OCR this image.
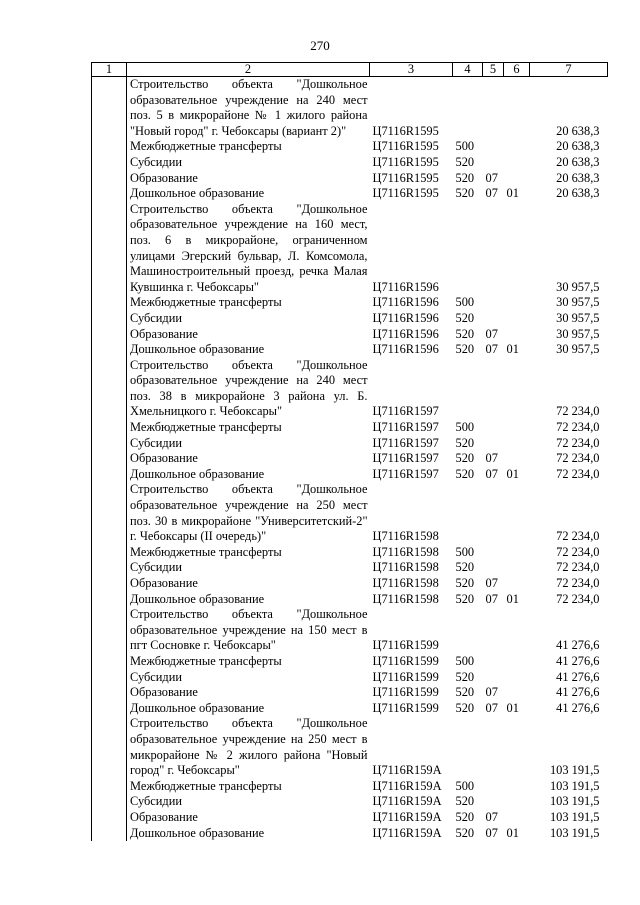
270
1	2	3	4	5	6	7
	Строительство объекта "Дошкольное образовательное учреждение на 240 мест поз. 5 в микрорайоне № 1 жилого района "Новый город" г. Чебоксары (вариант 2)"	Ц7116R1595				20 638,3
	Межбюджетные трансферты	Ц7116R1595	500			20 638,3
	Субсидии	Ц7116R1595	520			20 638,3
	Образование	Ц7116R1595	520	07		20 638,3
	Дошкольное образование	Ц7116R1595	520	07	01	20 638,3
	Строительство объекта "Дошкольное образовательное учреждение на 160 мест, поз. 6 в микрорайоне, ограниченном улицами Эгерский бульвар, Л. Комсомола, Машиностроительный проезд, речка Малая Кувшинка г. Чебоксары"	Ц7116R1596				30 957,5
	Межбюджетные трансферты	Ц7116R1596	500			30 957,5
	Субсидии	Ц7116R1596	520			30 957,5
	Образование	Ц7116R1596	520	07		30 957,5
	Дошкольное образование	Ц7116R1596	520	07	01	30 957,5
	Строительство объекта "Дошкольное образовательное учреждение на 240 мест поз. 38 в микрорайоне 3 района ул. Б. Хмельницкого г. Чебоксары"	Ц7116R1597				72 234,0
	Межбюджетные трансферты	Ц7116R1597	500			72 234,0
	Субсидии	Ц7116R1597	520			72 234,0
	Образование	Ц7116R1597	520	07		72 234,0
	Дошкольное образование	Ц7116R1597	520	07	01	72 234,0
	Строительство объекта "Дошкольное образовательное учреждение на 250 мест поз. 30 в микрорайоне "Университетский-2" г. Чебоксары (II очередь)"	Ц7116R1598				72 234,0
	Межбюджетные трансферты	Ц7116R1598	500			72 234,0
	Субсидии	Ц7116R1598	520			72 234,0
	Образование	Ц7116R1598	520	07		72 234,0
	Дошкольное образование	Ц7116R1598	520	07	01	72 234,0
	Строительство объекта "Дошкольное образовательное учреждение на 150 мест в пгт Сосновке г. Чебоксары"	Ц7116R1599				41 276,6
	Межбюджетные трансферты	Ц7116R1599	500			41 276,6
	Субсидии	Ц7116R1599	520			41 276,6
	Образование	Ц7116R1599	520	07		41 276,6
	Дошкольное образование	Ц7116R1599	520	07	01	41 276,6
	Строительство объекта "Дошкольное образовательное учреждение на 250 мест в микрорайоне № 2 жилого района "Новый город" г. Чебоксары"	Ц7116R159А				103 191,5
	Межбюджетные трансферты	Ц7116R159А	500			103 191,5
	Субсидии	Ц7116R159А	520			103 191,5
	Образование	Ц7116R159А	520	07		103 191,5
	Дошкольное образование	Ц7116R159А	520	07	01	103 191,5
